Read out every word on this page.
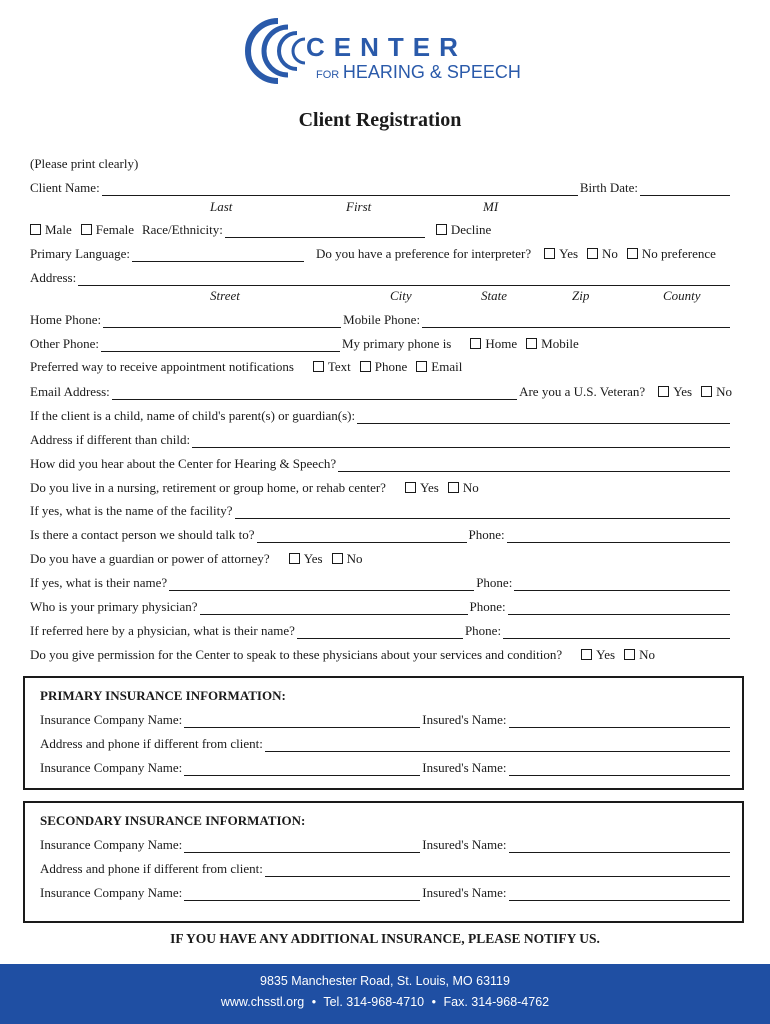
CENTER
FOR HEARING & SPEECH
Client Registration
(Please print clearly)
Client Name:	Birth Date:
Last	First	MI
Male	Female Race/Ethnicity:	Decline
Primary Language:	Do you have a preference for interpreter?	Yes	No	No preference
Address:
Street	City	State	Zip	County
Home Phone:	Mobile Phone:
Other Phone:	My primary phone is	Home	Mobile
Preferred way to receive appointment notifications	Text	Phone	Email
Email Address:	Are you a U.S. Veteran?	Yes	No
If the client is a child, name of child's parent(s) or guardian(s):
Address if different than child:
How did you hear about the Center for Hearing & Speech?
Do you live in a nursing, retirement or group home, or rehab center?	Yes	No
If yes, what is the name of the facility?
Is there a contact person we should talk to?	Phone:
Do you have a guardian or power of attorney?	Yes	No
If yes, what is their name?	Phone:
Who is your primary physician?	Phone:
If referred here by a physician, what is their name?	Phone:
Do you give permission for the Center to speak to these physicians about your services and condition?	Yes	No
PRIMARY INSURANCE INFORMATION:
Insurance Company Name:	Insured's Name:
Address and phone if different from client:
Insurance Company Name:	Insured's Name:
SECONDARY INSURANCE INFORMATION:
Insurance Company Name:	Insured's Name:
Address and phone if different from client:
Insurance Company Name:	Insured's Name:
IF YOU HAVE ANY ADDITIONAL INSURANCE, PLEASE NOTIFY US.
9835 Manchester Road, St. Louis, MO 63119
www.chsstl.org • Tel. 314-968-4710 • Fax. 314-968-4762
